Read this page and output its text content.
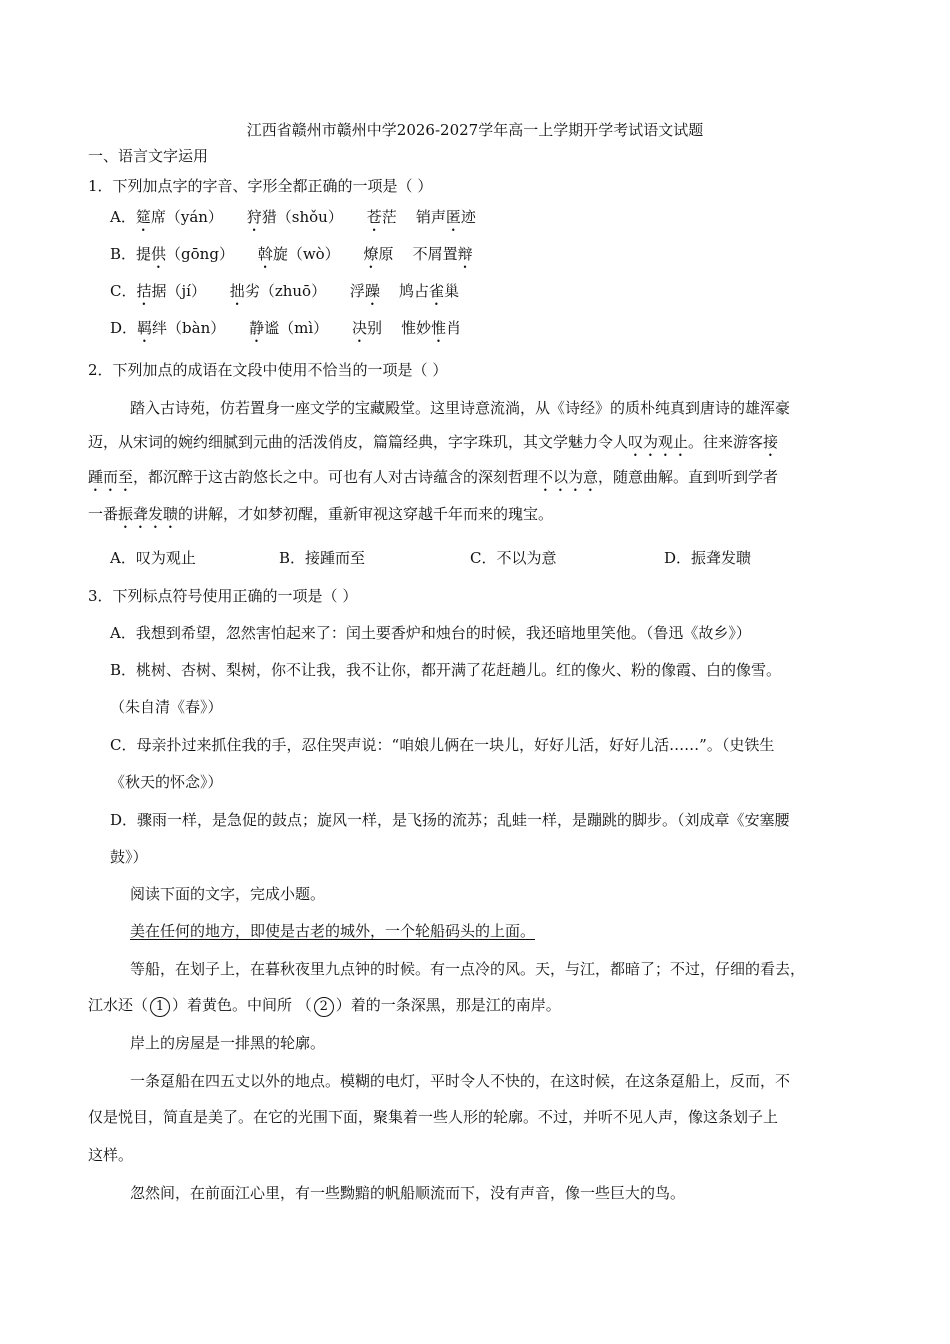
江西省赣州市赣州中学2026-2027学年高一上学期开学考试语文试题
一、语言文字运用
1．下列加点字的字音、字形全都正确的一项是（ ）
A．筵席（yán） 狩猎（shǒu） 苍茫 销声匿迹
B．提供（gōng） 斡旋（wò） 燎原 不屑置辩
C．拮据（jí） 拙劣（zhuō） 浮躁 鸠占雀巢
D．羁绊（bàn） 静谧（mì） 决别 惟妙惟肖
2．下列加点的成语在文段中使用不恰当的一项是（ ）
踏入古诗苑，仿若置身一座文学的宝藏殿堂。这里诗意流淌，从《诗经》的质朴纯真到唐诗的雄浑豪
迈，从宋词的婉约细腻到元曲的活泼俏皮，篇篇经典，字字珠玑，其文学魅力令人叹为观止。往来游客接
踵而至，都沉醉于这古韵悠长之中。可也有人对古诗蕴含的深刻哲理不以为意，随意曲解。直到听到学者
一番振聋发聩的讲解，才如梦初醒，重新审视这穿越千年而来的瑰宝。
A．叹为观止	B．接踵而至	C．不以为意	D．振聋发聩
3．下列标点符号使用正确的一项是（ ）
A．我想到希望，忽然害怕起来了：闰土要香炉和烛台的时候，我还暗地里笑他。（鲁迅《故乡》）
B．桃树、杏树、梨树，你不让我，我不让你，都开满了花赶趟儿。红的像火、粉的像霞、白的像雪。
（朱自清《春》）
C．母亲扑过来抓住我的手，忍住哭声说：“咱娘儿俩在一块儿，好好儿活，好好儿活……”。（史铁生
《秋天的怀念》）
D．骤雨一样，是急促的鼓点；旋风一样，是飞扬的流苏；乱蛙一样，是蹦跳的脚步。（刘成章《安塞腰
鼓》）
阅读下面的文字，完成小题。
美在任何的地方，即使是古老的城外，一个轮船码头的上面。
等船，在划子上，在暮秋夜里九点钟的时候。有一点冷的风。天，与江，都暗了；不过，仔细的看去，
江水还（ 1 ）着黄色。中间所 （ 2 ）着的一条深黑，那是江的南岸。
岸上的房屋是一排黑的轮廓。
一条趸船在四五丈以外的地点。模糊的电灯，平时令人不快的，在这时候，在这条趸船上，反而，不
仅是悦目，简直是美了。在它的光围下面，聚集着一些人形的轮廓。不过，并听不见人声，像这条划子上
这样。
忽然间，在前面江心里，有一些黝黯的帆船顺流而下，没有声音，像一些巨大的鸟。
